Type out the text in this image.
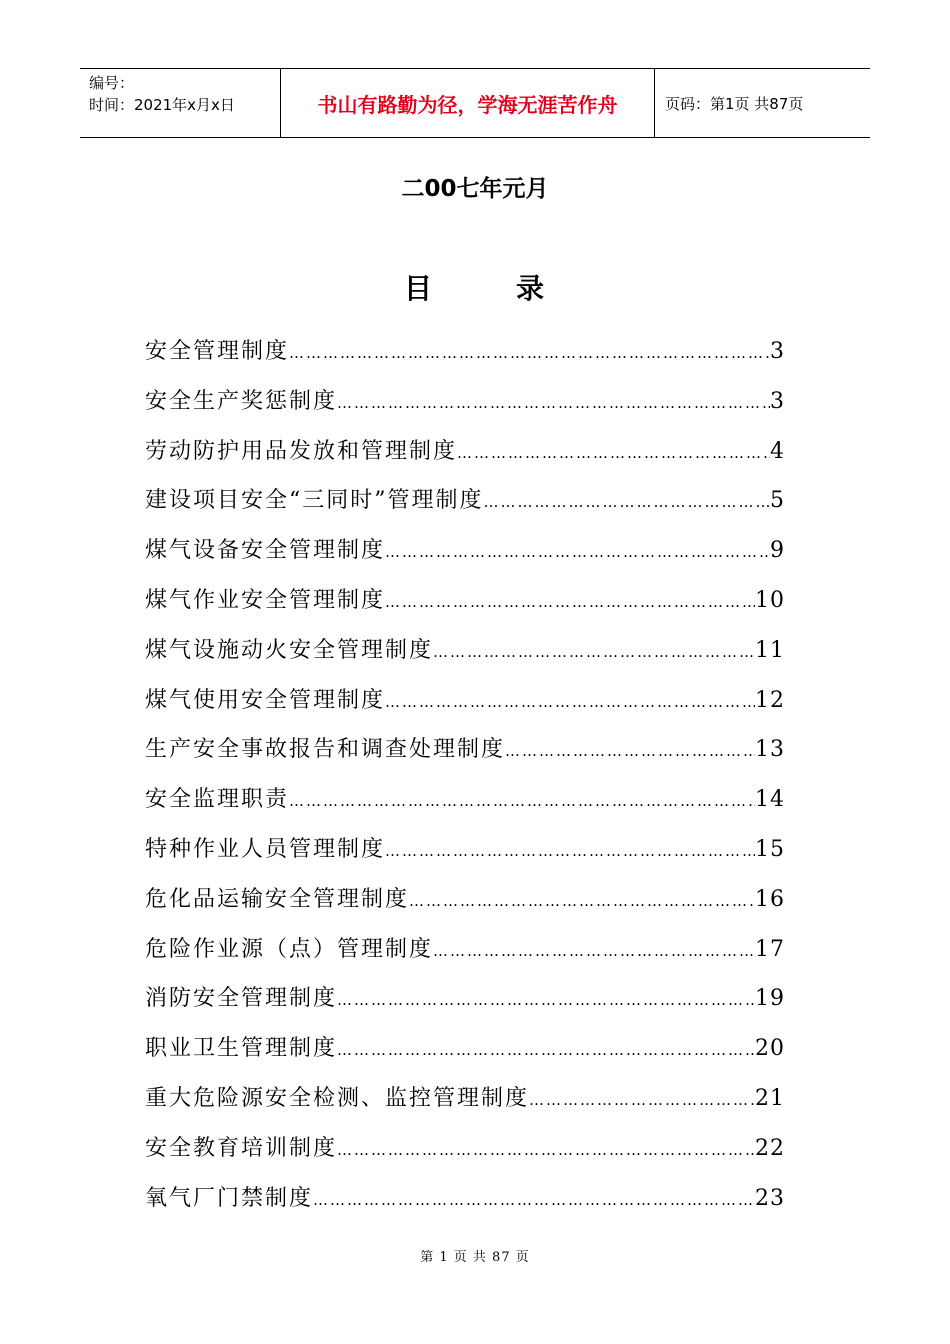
编号：
时间：2021年x月x日	书山有路勤为径，学海无涯苦作舟	页码：第1页 共87页
二00七年元月
目	录
安全管理制度 …………………………………………………………………………………………………………………………………………	3
安全生产奖惩制度 …………………………………………………………………………………………………………………………………………	3
劳动防护用品发放和管理制度 …………………………………………………………………………………………………………………………………………	4
建设项目安全“三同时”管理制度 …………………………………………………………………………………………………………………………………………	5
煤气设备安全管理制度 …………………………………………………………………………………………………………………………………………	9
煤气作业安全管理制度 …………………………………………………………………………………………………………………………………………	10
煤气设施动火安全管理制度 …………………………………………………………………………………………………………………………………………	11
煤气使用安全管理制度 …………………………………………………………………………………………………………………………………………	12
生产安全事故报告和调查处理制度 …………………………………………………………………………………………………………………………………………	13
安全监理职责 …………………………………………………………………………………………………………………………………………	14
特种作业人员管理制度 …………………………………………………………………………………………………………………………………………	15
危化品运输安全管理制度 …………………………………………………………………………………………………………………………………………	16
危险作业源（点）管理制度 …………………………………………………………………………………………………………………………………………	17
消防安全管理制度 …………………………………………………………………………………………………………………………………………	19
职业卫生管理制度 …………………………………………………………………………………………………………………………………………	20
重大危险源安全检测、监控管理制度 …………………………………………………………………………………………………………………………………………	21
安全教育培训制度 …………………………………………………………………………………………………………………………………………	22
氧气厂门禁制度 …………………………………………………………………………………………………………………………………………	23
第 1 页 共 87 页
